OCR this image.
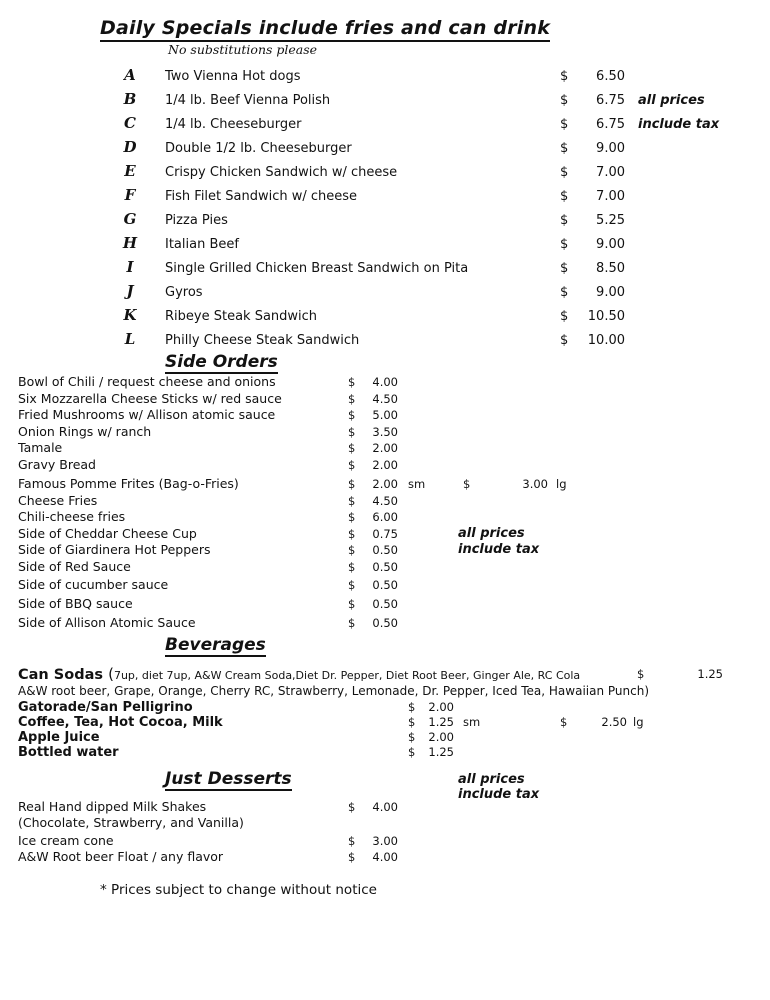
Daily Specials include fries and can drink
No substitutions please
A	Two Vienna Hot dogs	$	6.50
B	1/4 lb. Beef Vienna Polish	$	6.75 all prices
C	1/4 lb. Cheeseburger	$	6.75 include tax
D	Double 1/2 lb. Cheeseburger	$	9.00
E	Crispy Chicken Sandwich w/ cheese	$	7.00
F	Fish Filet Sandwich w/ cheese	$	7.00
G	Pizza Pies	$	5.25
H	Italian Beef	$	9.00
I	Single Grilled Chicken Breast Sandwich on Pita	$	8.50
J	Gyros	$	9.00
K	Ribeye Steak Sandwich	$	10.50
L	Philly Cheese Steak Sandwich	$	10.00
Side Orders
Bowl of Chili / request cheese and onions	$	4.00
Six Mozzarella Cheese Sticks w/ red sauce	$	4.50
Fried Mushrooms w/ Allison atomic sauce	$	5.00
Onion Rings w/ ranch	$	3.50
Tamale	$	2.00
Gravy Bread	$	2.00
Famous Pomme Frites (Bag-o-Fries)	$	2.00 sm	$	3.00 lg
Cheese Fries	$	4.50
Chili-cheese fries	$	6.00
Side of Cheddar Cheese Cup	$	0.75	all prices
Side of Giardinera Hot Peppers	$	0.50	include tax
Side of Red Sauce	$	0.50
Side of cucumber sauce	$	0.50
Side of BBQ sauce	$	0.50
Side of Allison Atomic Sauce	$	0.50
Beverages
Can Sodas (7up, diet 7up, A&W Cream Soda,Diet Dr. Pepper, Diet Root Beer, Ginger Ale, RC Cola	$	1.25
A&W root beer, Grape, Orange, Cherry RC, Strawberry, Lemonade, Dr. Pepper, Iced Tea, Hawaiian Punch)
Gatorade/San Pelligrino	$	2.00
Coffee, Tea, Hot Cocoa, Milk	$	1.25 sm	$	2.50 lg
Apple Juice	$	2.00
Bottled water	$	1.25
Just Desserts	all prices
include tax
Real Hand dipped Milk Shakes	$	4.00
(Chocolate, Strawberry, and Vanilla)
Ice cream cone	$	3.00
A&W Root beer Float / any flavor	$	4.00
* Prices subject to change without notice
